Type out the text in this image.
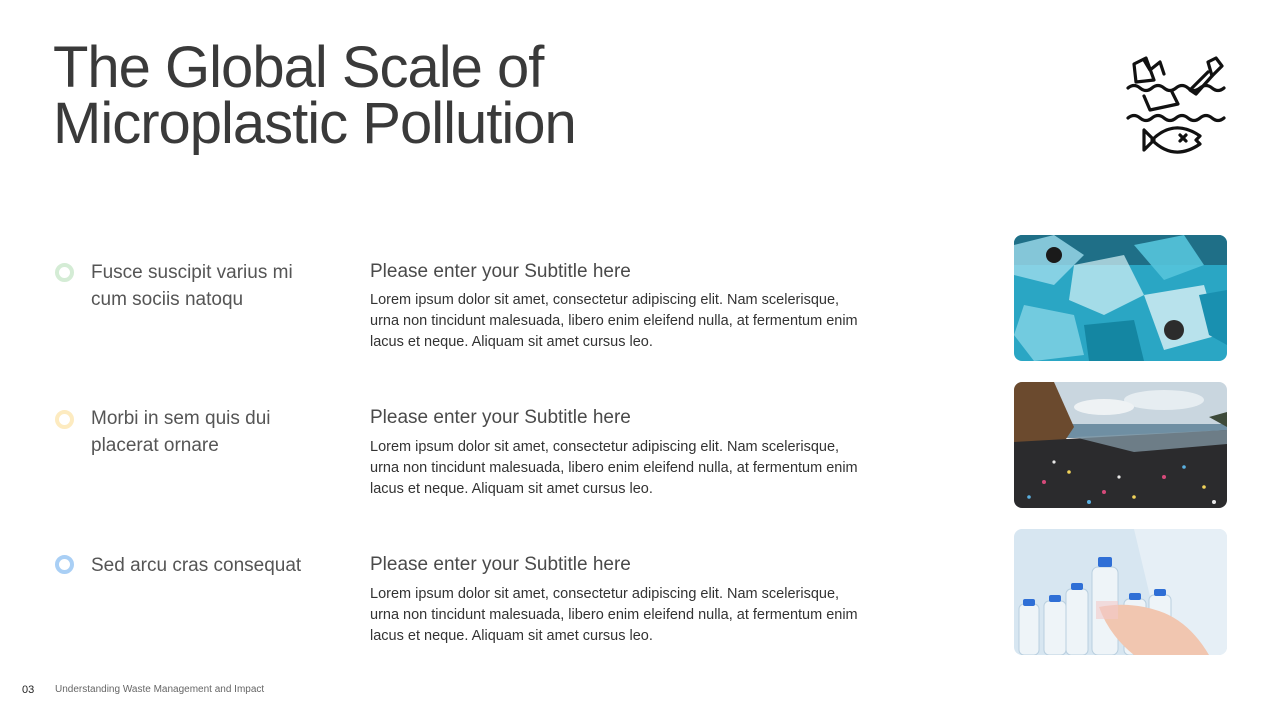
The Global Scale of
Microplastic Pollution
Fusce suscipit varius mi cum sociis natoqu
Please enter your Subtitle here
Lorem ipsum dolor sit amet, consectetur adipiscing elit. Nam scelerisque, urna non tincidunt malesuada, libero enim eleifend nulla, at fermentum enim lacus et neque. Aliquam sit amet cursus leo.
Morbi in sem quis dui placerat ornare
Please enter your Subtitle here
Lorem ipsum dolor sit amet, consectetur adipiscing elit. Nam scelerisque, urna non tincidunt malesuada, libero enim eleifend nulla, at fermentum enim lacus et neque. Aliquam sit amet cursus leo.
Sed arcu cras consequat	Please enter your Subtitle here
Lorem ipsum dolor sit amet, consectetur adipiscing elit. Nam scelerisque, urna non tincidunt malesuada, libero enim eleifend nulla, at fermentum enim lacus et neque. Aliquam sit amet cursus leo.
03 Understanding Waste Management and Impact
